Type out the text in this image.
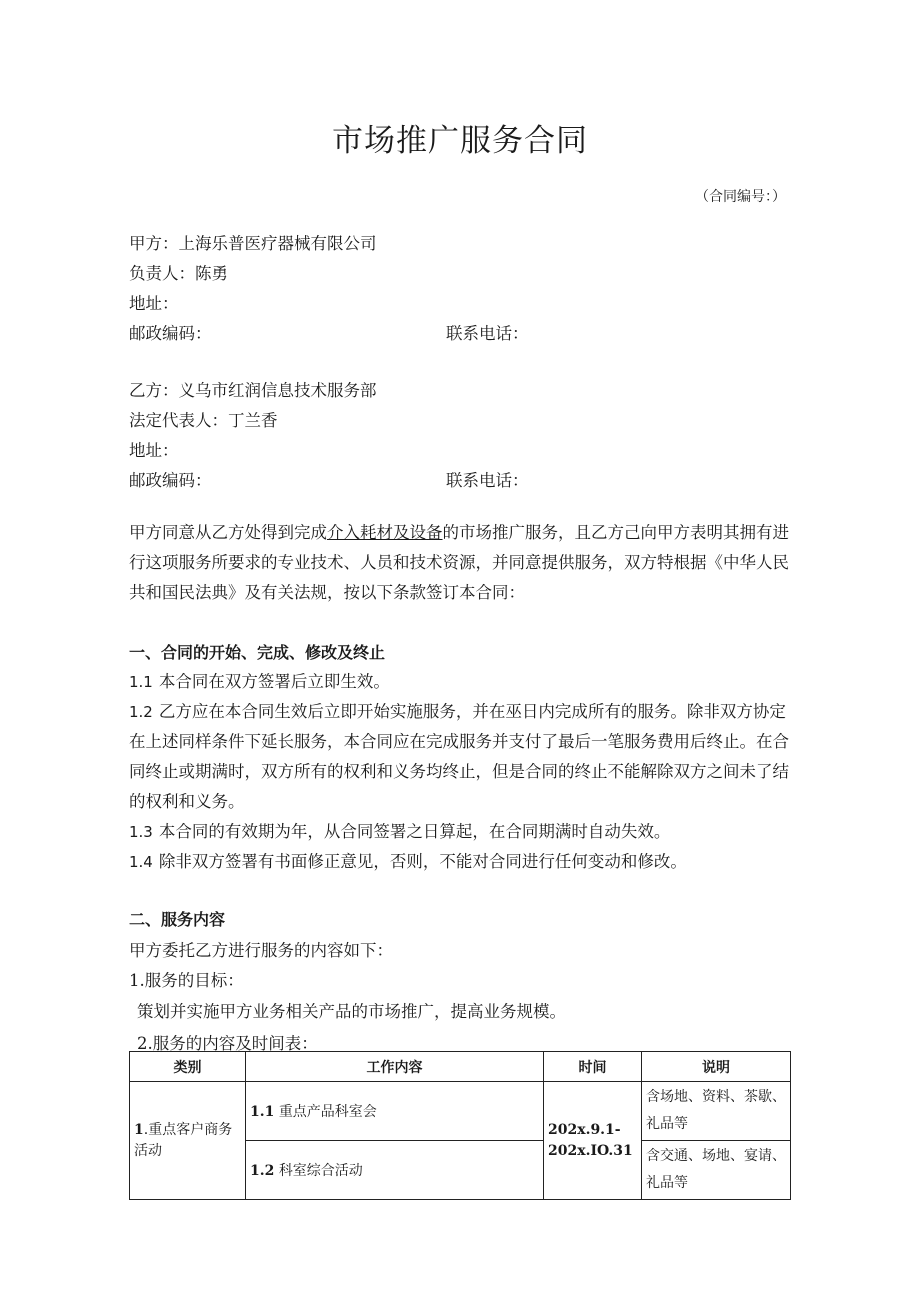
市场推广服务合同
（合同编号：）
甲方：上海乐普医疗器械有限公司
负责人：陈勇
地址：
邮政编码：	联系电话：
乙方：义乌市红润信息技术服务部
法定代表人：丁兰香
地址：
邮政编码：	联系电话：
甲方同意从乙方处得到完成介入耗材及设备的市场推广服务，且乙方己向甲方表明其拥有进行这项服务所要求的专业技术、人员和技术资源，并同意提供服务，双方特根据《中华人民共和国民法典》及有关法规，按以下条款签订本合同：
一、合同的开始、完成、修改及终止
1.1 本合同在双方签署后立即生效。
1.2 乙方应在本合同生效后立即开始实施服务，并在巫日内完成所有的服务。除非双方协定在上述同样条件下延长服务，本合同应在完成服务并支付了最后一笔服务费用后终止。在合同终止或期满时，双方所有的权利和义务均终止，但是合同的终止不能解除双方之间未了结的权利和义务。
1.3 本合同的有效期为年，从合同签署之日算起，在合同期满时自动失效。
1.4 除非双方签署有书面修正意见，否则，不能对合同进行任何变动和修改。
二、服务内容
甲方委托乙方进行服务的内容如下：
1.服务的目标：
策划并实施甲方业务相关产品的市场推广，提高业务规模。
2.服务的内容及时间表：
类别	工作内容	时间	说明
1.重点客户商务活动	1.1 重点产品科室会	202x.9.1-202x.IO.31	含场地、资料、茶歇、礼品等
	1.2 科室综合活动		含交通、场地、宴请、礼品等
